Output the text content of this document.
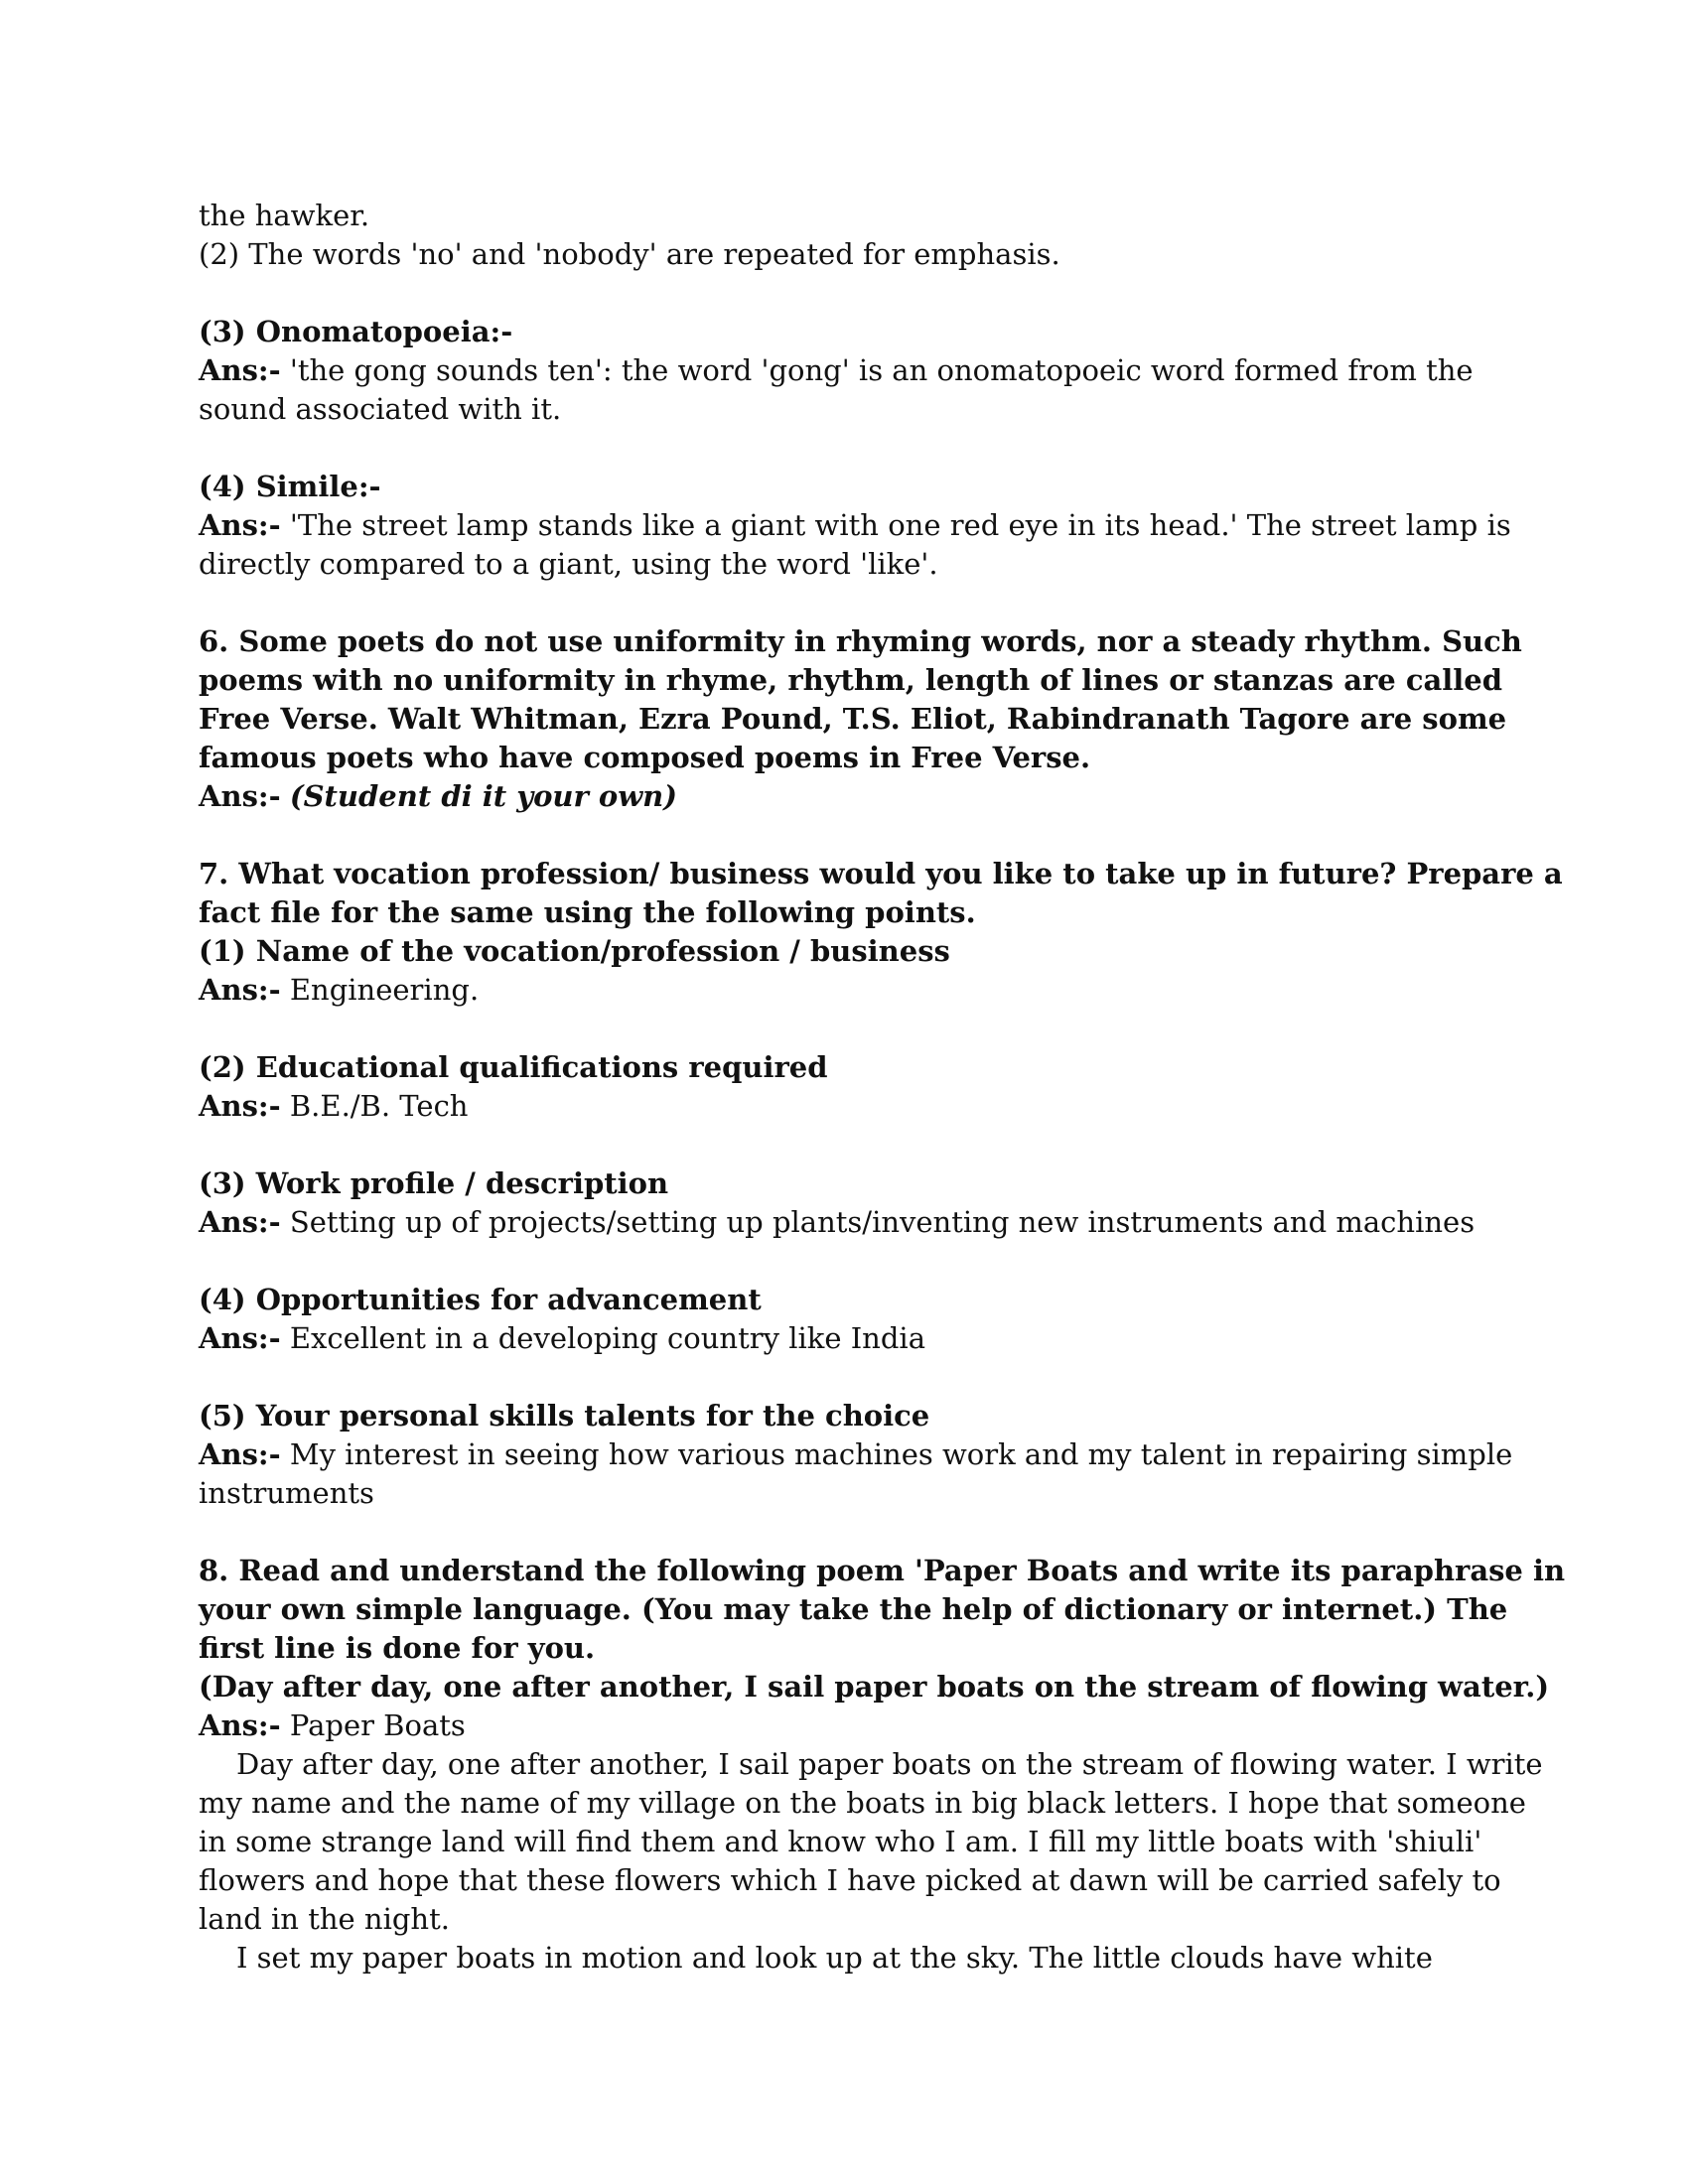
the hawker.
(2) The words 'no' and 'nobody' are repeated for emphasis.
(3) Onomatopoeia:-
Ans:- 'the gong sounds ten': the word 'gong' is an onomatopoeic word formed from the
sound associated with it.
(4) Simile:-
Ans:- 'The street lamp stands like a giant with one red eye in its head.' The street lamp is
directly compared to a giant, using the word 'like'.
6. Some poets do not use uniformity in rhyming words, nor a steady rhythm. Such
poems with no uniformity in rhyme, rhythm, length of lines or stanzas are called
Free Verse. Walt Whitman, Ezra Pound, T.S. Eliot, Rabindranath Tagore are some
famous poets who have composed poems in Free Verse.
Ans:- (Student di it your own)
7. What vocation profession/ business would you like to take up in future? Prepare a
fact file for the same using the following points.
(1) Name of the vocation/profession / business
Ans:- Engineering.
(2) Educational qualifications required
Ans:- B.E./B. Tech
(3) Work profile / description
Ans:- Setting up of projects/setting up plants/inventing new instruments and machines
(4) Opportunities for advancement
Ans:- Excellent in a developing country like India
(5) Your personal skills talents for the choice
Ans:- My interest in seeing how various machines work and my talent in repairing simple
instruments
8. Read and understand the following poem 'Paper Boats and write its paraphrase in
your own simple language. (You may take the help of dictionary or internet.) The
first line is done for you.
(Day after day, one after another, I sail paper boats on the stream of flowing water.)
Ans:- Paper Boats
Day after day, one after another, I sail paper boats on the stream of flowing water. I write
my name and the name of my village on the boats in big black letters. I hope that someone
in some strange land will find them and know who I am. I fill my little boats with 'shiuli'
flowers and hope that these flowers which I have picked at dawn will be carried safely to
land in the night.
I set my paper boats in motion and look up at the sky. The little clouds have white
